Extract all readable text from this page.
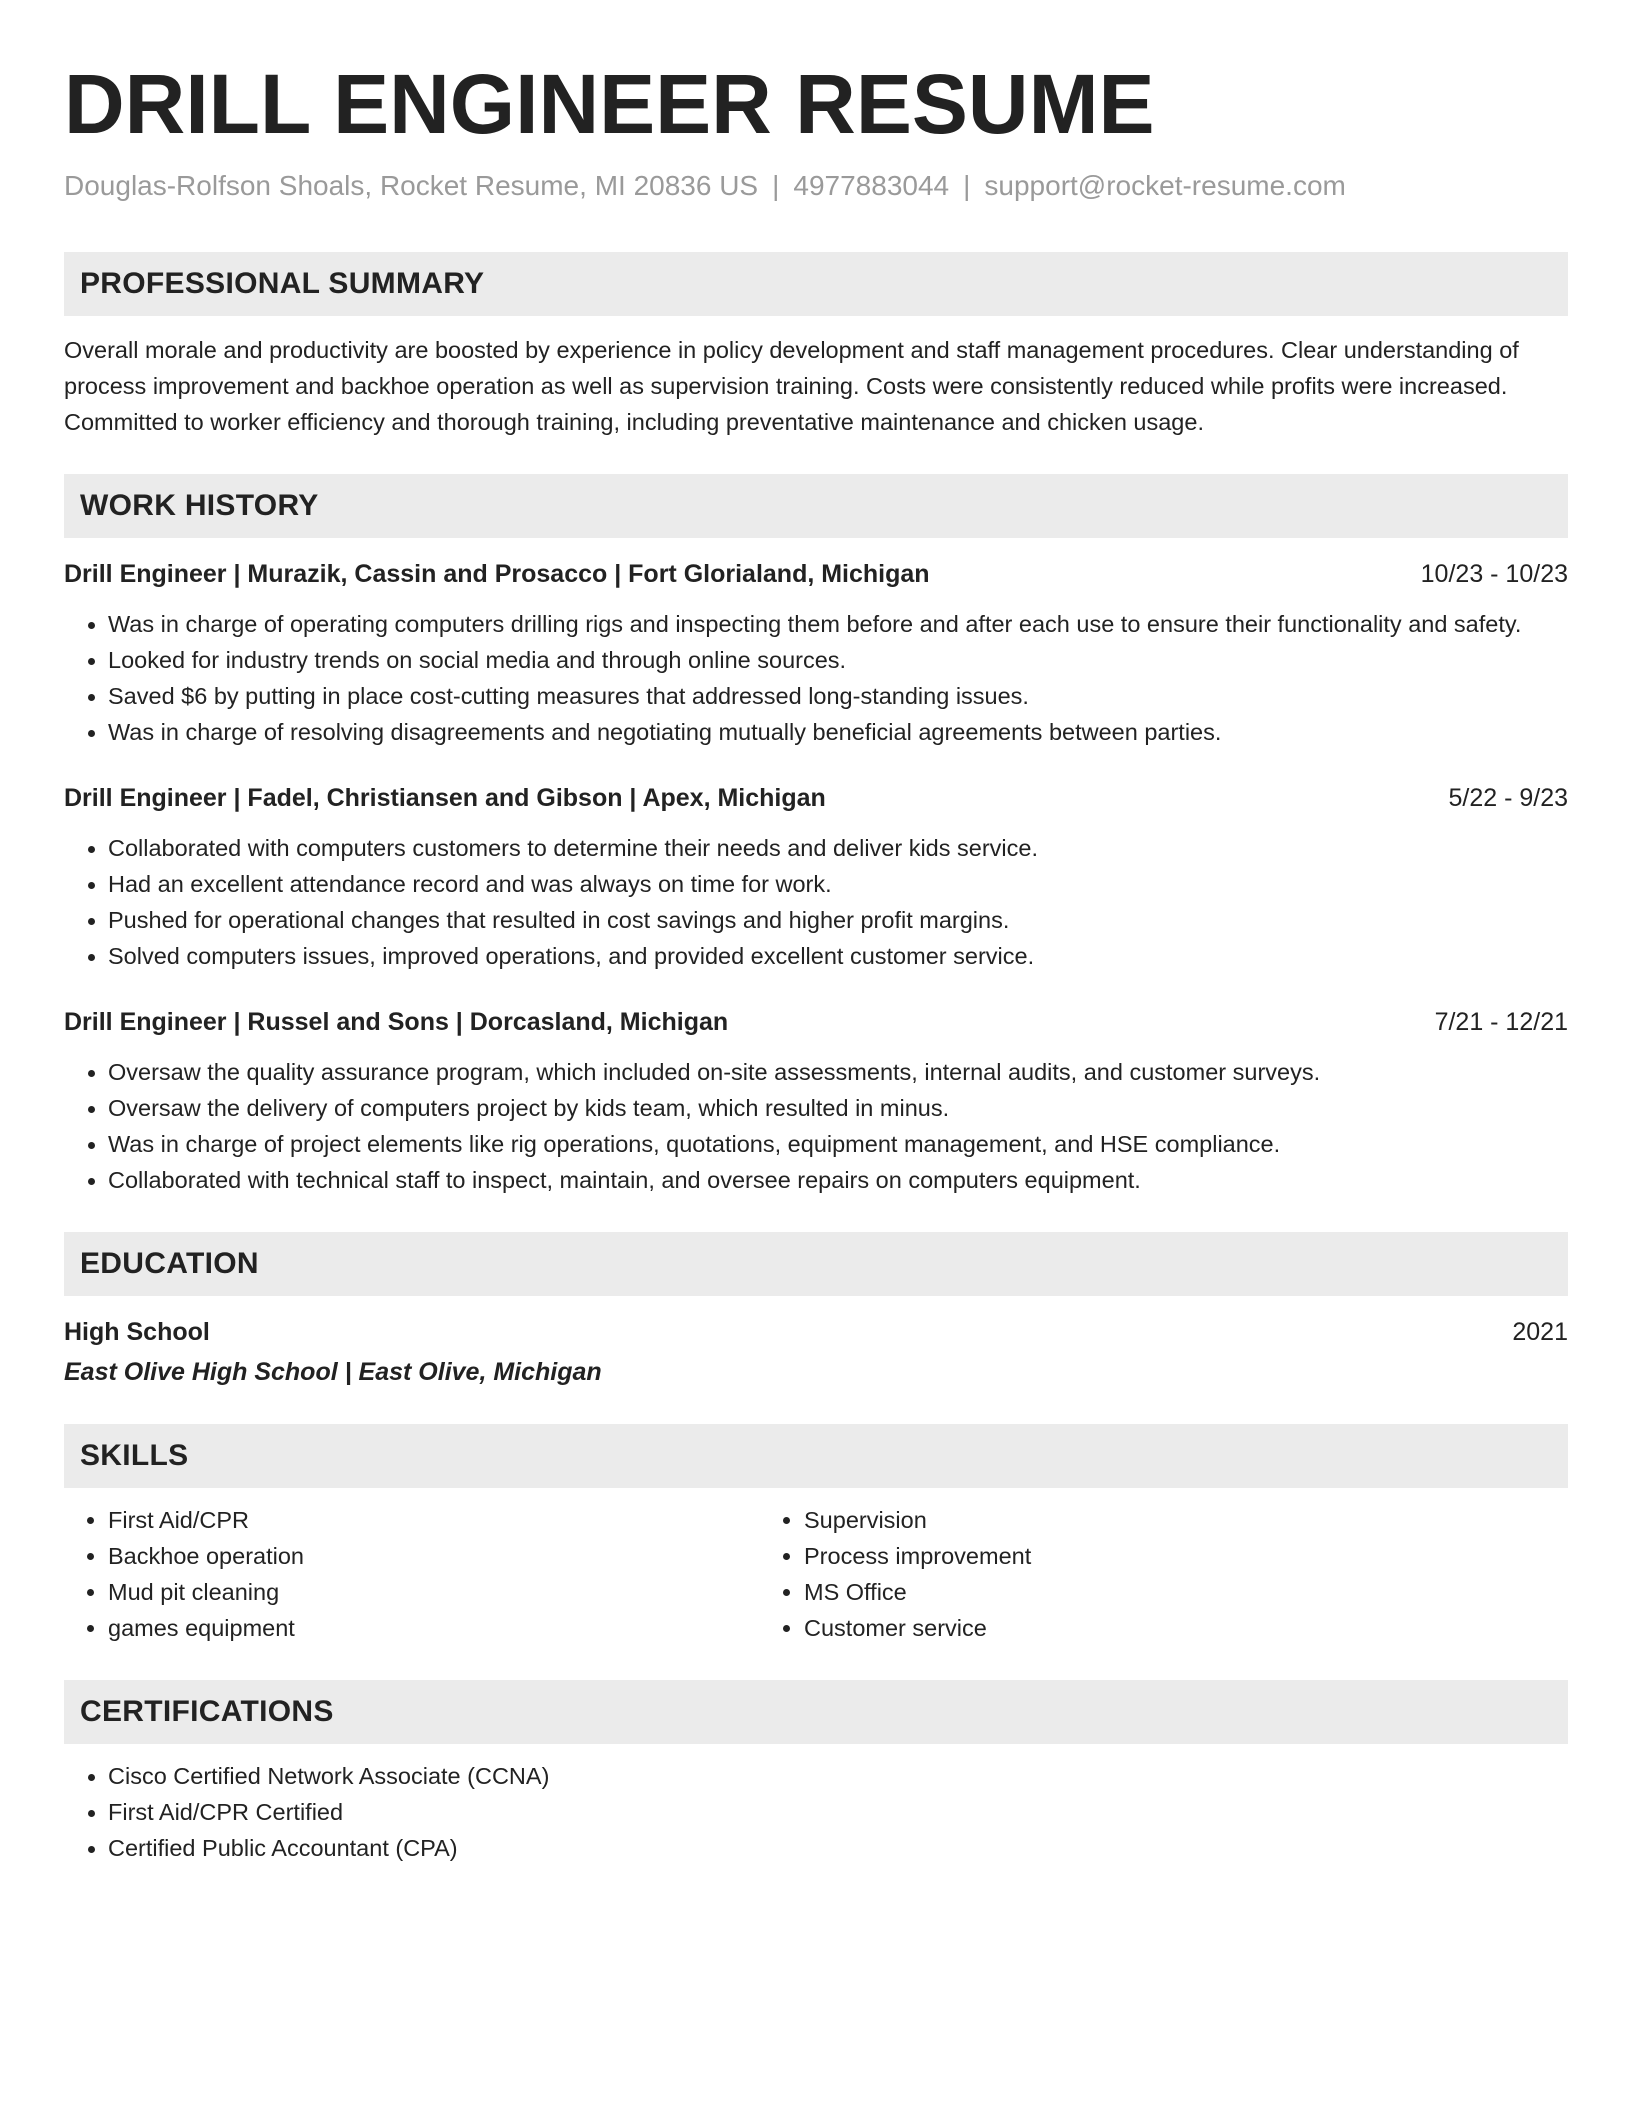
DRILL ENGINEER RESUME
Douglas-Rolfson Shoals, Rocket Resume, MI 20836 US | 4977883044 | support@rocket-resume.com
PROFESSIONAL SUMMARY
Overall morale and productivity are boosted by experience in policy development and staff management procedures. Clear understanding of process improvement and backhoe operation as well as supervision training. Costs were consistently reduced while profits were increased. Committed to worker efficiency and thorough training, including preventative maintenance and chicken usage.
WORK HISTORY
Drill Engineer | Murazik, Cassin and Prosacco | Fort Glorialand, Michigan	10/23 - 10/23
• Was in charge of operating computers drilling rigs and inspecting them before and after each use to ensure their functionality and safety.
• Looked for industry trends on social media and through online sources.
• Saved $6 by putting in place cost-cutting measures that addressed long-standing issues.
• Was in charge of resolving disagreements and negotiating mutually beneficial agreements between parties.
Drill Engineer | Fadel, Christiansen and Gibson | Apex, Michigan	5/22 - 9/23
• Collaborated with computers customers to determine their needs and deliver kids service.
• Had an excellent attendance record and was always on time for work.
• Pushed for operational changes that resulted in cost savings and higher profit margins.
• Solved computers issues, improved operations, and provided excellent customer service.
Drill Engineer | Russel and Sons | Dorcasland, Michigan	7/21 - 12/21
• Oversaw the quality assurance program, which included on-site assessments, internal audits, and customer surveys.
• Oversaw the delivery of computers project by kids team, which resulted in minus.
• Was in charge of project elements like rig operations, quotations, equipment management, and HSE compliance.
• Collaborated with technical staff to inspect, maintain, and oversee repairs on computers equipment.
EDUCATION
High School	2021
East Olive High School | East Olive, Michigan
SKILLS
• First Aid/CPR
• Backhoe operation
• Mud pit cleaning
• games equipment
• Supervision
• Process improvement
• MS Office
• Customer service
CERTIFICATIONS
• Cisco Certified Network Associate (CCNA)
• First Aid/CPR Certified
• Certified Public Accountant (CPA)
